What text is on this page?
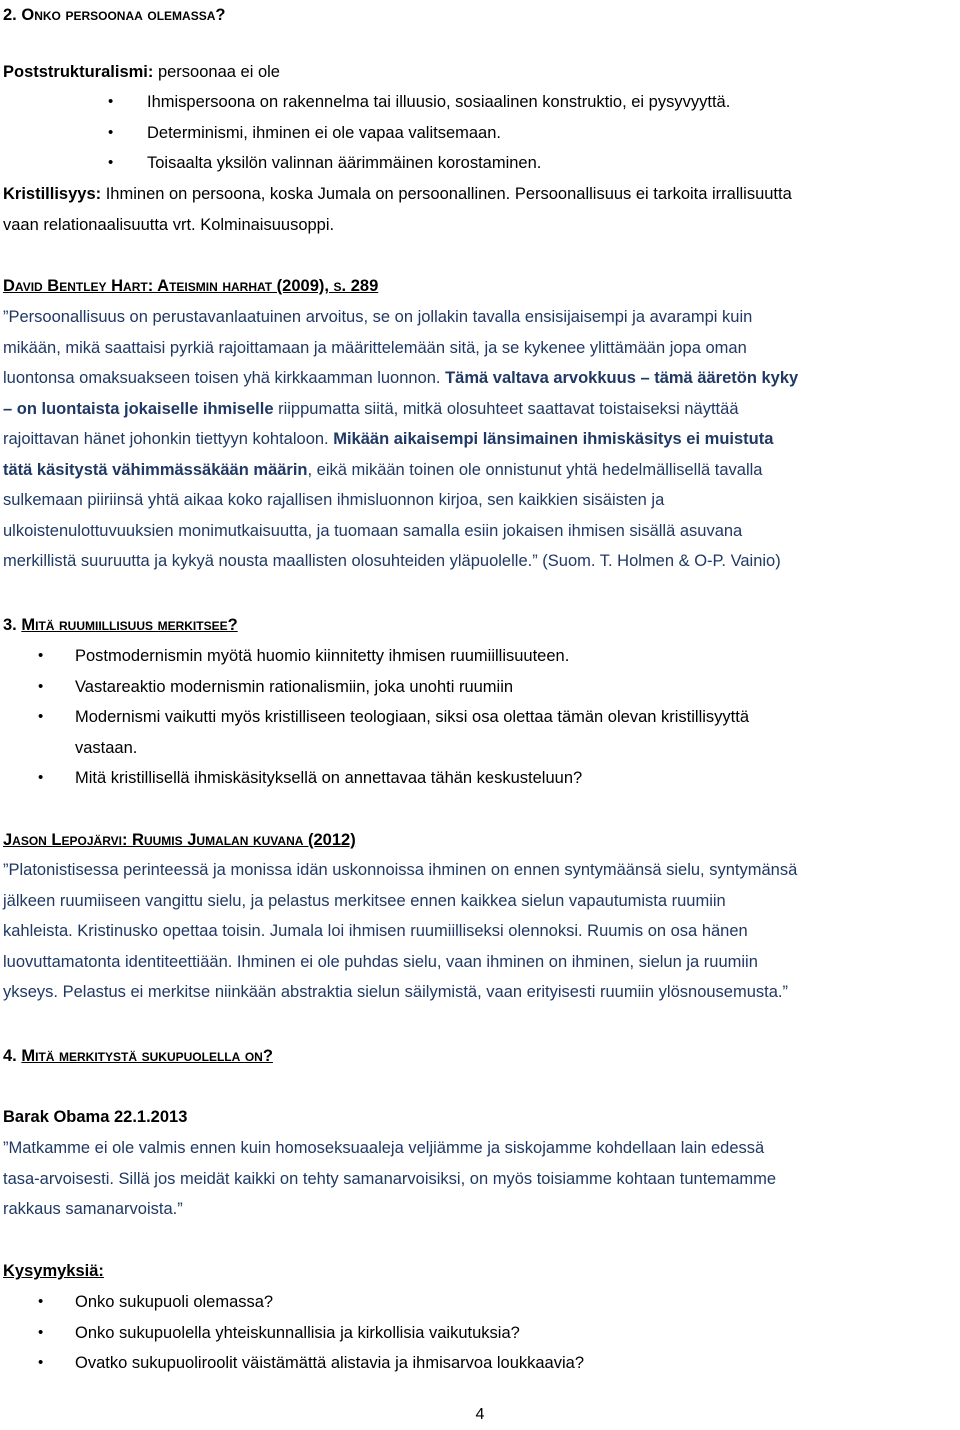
2. Onko persoonaa olemassa?
Poststrukturalismi: persoonaa ei ole
• Ihmispersoona on rakennelma tai illuusio, sosiaalinen konstruktio, ei pysyvyyttä.
• Determinismi, ihminen ei ole vapaa valitsemaan.
• Toisaalta yksilön valinnan äärimmäinen korostaminen.
Kristillisyys: Ihminen on persoona, koska Jumala on persoonallinen. Persoonallisuus ei tarkoita irrallisuutta
vaan relationaalisuutta vrt. Kolminaisuusoppi.
David Bentley Hart: Ateismin harhat (2009), s. 289
”Persoonallisuus on perustavanlaatuinen arvoitus, se on jollakin tavalla ensisijaisempi ja avarampi kuin
mikään, mikä saattaisi pyrkiä rajoittamaan ja määrittelemään sitä, ja se kykenee ylittämään jopa oman
luontonsa omaksuakseen toisen yhä kirkkaamman luonnon. Tämä valtava arvokkuus – tämä ääretön kyky
– on luontaista jokaiselle ihmiselle riippumatta siitä, mitkä olosuhteet saattavat toistaiseksi näyttää
rajoittavan hänet johonkin tiettyyn kohtaloon. Mikään aikaisempi länsimainen ihmiskäsitys ei muistuta
tätä käsitystä vähimmässäkään määrin, eikä mikään toinen ole onnistunut yhtä hedelmällisellä tavalla
sulkemaan piiriinsä yhtä aikaa koko rajallisen ihmisluonnon kirjoa, sen kaikkien sisäisten ja
ulkoistenulottuvuuksien monimutkaisuutta, ja tuomaan samalla esiin jokaisen ihmisen sisällä asuvana
merkillistä suuruutta ja kykyä nousta maallisten olosuhteiden yläpuolelle.” (Suom. T. Holmen & O-P. Vainio)
3. Mitä ruumiillisuus merkitsee?
• Postmodernismin myötä huomio kiinnitetty ihmisen ruumiillisuuteen.
• Vastareaktio modernismin rationalismiin, joka unohti ruumiin
• Modernismi vaikutti myös kristilliseen teologiaan, siksi osa olettaa tämän olevan kristillisyyttä
vastaan.
• Mitä kristillisellä ihmiskäsityksellä on annettavaa tähän keskusteluun?
Jason Lepojärvi: Ruumis Jumalan kuvana (2012)
”Platonistisessa perinteessä ja monissa idän uskonnoissa ihminen on ennen syntymäänsä sielu, syntymänsä
jälkeen ruumiiseen vangittu sielu, ja pelastus merkitsee ennen kaikkea sielun vapautumista ruumiin
kahleista. Kristinusko opettaa toisin. Jumala loi ihmisen ruumiilliseksi olennoksi. Ruumis on osa hänen
luovuttamatonta identiteettiään. Ihminen ei ole puhdas sielu, vaan ihminen on ihminen, sielun ja ruumiin
ykseys. Pelastus ei merkitse niinkään abstraktia sielun säilymistä, vaan erityisesti ruumiin ylösnousemusta.”
4. Mitä merkitystä sukupuolella on?
Barak Obama 22.1.2013
”Matkamme ei ole valmis ennen kuin homoseksuaaleja veljiämme ja siskojamme kohdellaan lain edessä
tasa-arvoisesti. Sillä jos meidät kaikki on tehty samanarvoisiksi, on myös toisiamme kohtaan tuntemamme
rakkaus samanarvoista.”
Kysymyksiä:
• Onko sukupuoli olemassa?
• Onko sukupuolella yhteiskunnallisia ja kirkollisia vaikutuksia?
• Ovatko sukupuoliroolit väistämättä alistavia ja ihmisarvoa loukkaavia?
4
